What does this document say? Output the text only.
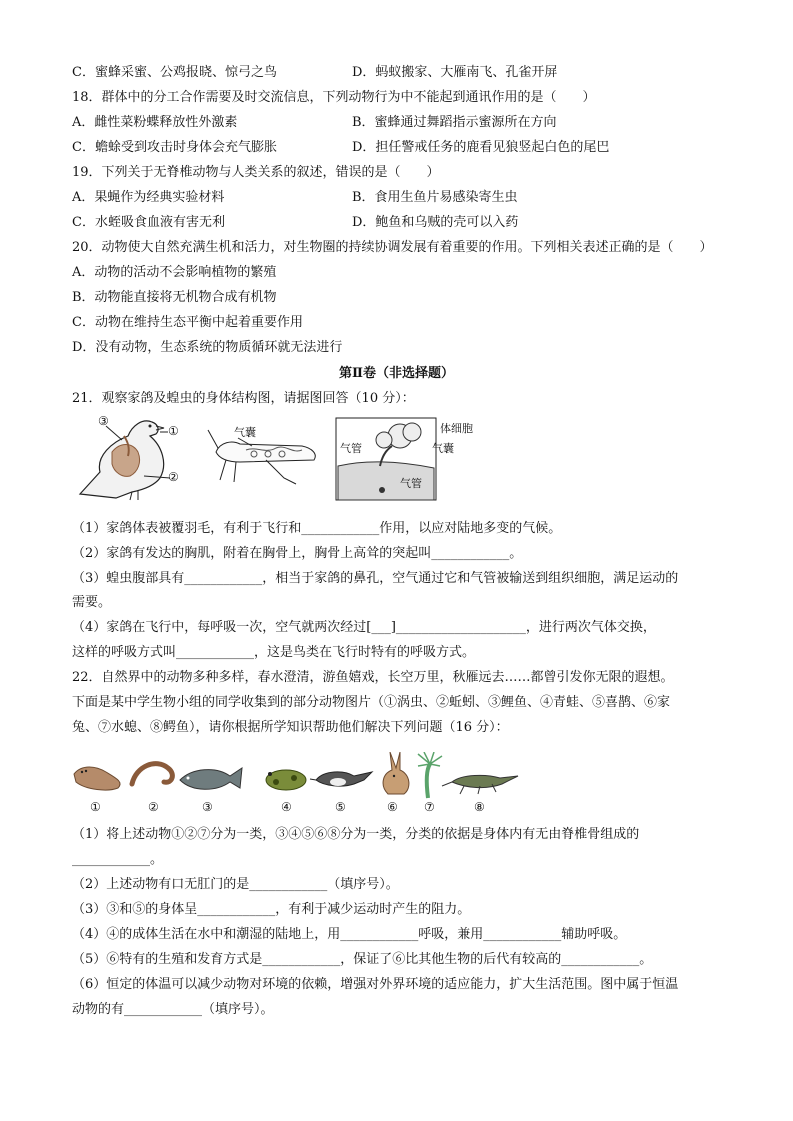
C．蜜蜂采蜜、公鸡报晓、惊弓之鸟	D．蚂蚁搬家、大雁南飞、孔雀开屏
18．群体中的分工合作需要及时交流信息，下列动物行为中不能起到通讯作用的是（　　）
A．雌性菜粉蝶释放性外激素	B．蜜蜂通过舞蹈指示蜜源所在方向
C．蟾蜍受到攻击时身体会充气膨胀	D．担任警戒任务的鹿看见狼竖起白色的尾巴
19．下列关于无脊椎动物与人类关系的叙述，错误的是（　　）
A．果蝇作为经典实验材料	B．食用生鱼片易感染寄生虫
C．水蛭吸食血液有害无利	D．鲍鱼和乌贼的壳可以入药
20．动物使大自然充满生机和活力，对生物圈的持续协调发展有着重要的作用。下列相关表述正确的是（　　）
A．动物的活动不会影响植物的繁殖
B．动物能直接将无机物合成有机物
C．动物在维持生态平衡中起着重要作用
D．没有动物，生态系统的物质循环就无法进行
第Ⅱ卷（非选择题）
21．观察家鸽及蝗虫的身体结构图，请据图回答（10 分）：
③
①
②
气囊
气管
体细胞
气囊
气管
（1）家鸽体表被覆羽毛，有利于飞行和____________作用，以应对陆地多变的气候。
（2）家鸽有发达的胸肌，附着在胸骨上，胸骨上高耸的突起叫____________。
（3）蝗虫腹部具有____________，相当于家鸽的鼻孔，空气通过它和气管被输送到组织细胞，满足运动的
需要。
（4）家鸽在飞行中，每呼吸一次，空气就两次经过[___]____________________，进行两次气体交换，
这样的呼吸方式叫____________，这是鸟类在飞行时特有的呼吸方式。
22．自然界中的动物多种多样，春水澄清，游鱼嬉戏，长空万里，秋雁远去……都曾引发你无限的遐想。
下面是某中学生物小组的同学收集到的部分动物图片（①涡虫、②蚯蚓、③鲤鱼、④青蛙、⑤喜鹊、⑥家
兔、⑦水螅、⑧鳄鱼），请你根据所学知识帮助他们解决下列问题（16 分）：
①	②	③	④	⑤	⑥ ⑦	⑧
（1）将上述动物①②⑦分为一类，③④⑤⑥⑧分为一类，分类的依据是身体内有无由脊椎骨组成的
____________。
（2）上述动物有口无肛门的是____________（填序号）。
（3）③和⑤的身体呈____________，有利于减少运动时产生的阻力。
（4）④的成体生活在水中和潮湿的陆地上，用____________呼吸，兼用____________辅助呼吸。
（5）⑥特有的生殖和发育方式是____________，保证了⑥比其他生物的后代有较高的____________。
（6）恒定的体温可以减少动物对环境的依赖，增强对外界环境的适应能力，扩大生活范围。图中属于恒温
动物的有____________（填序号）。
